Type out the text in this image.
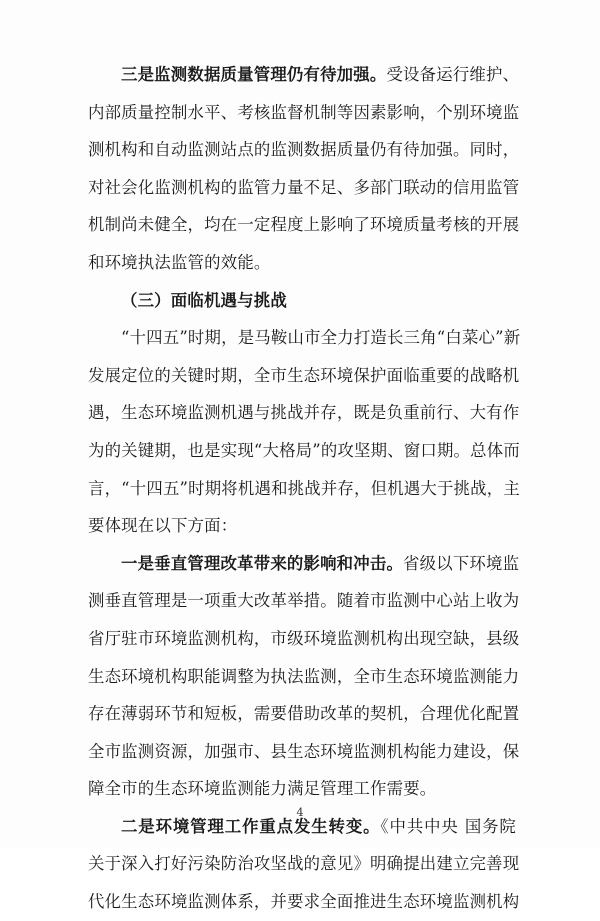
三是监测数据质量管理仍有待加强。受设备运行维护、
内部质量控制水平、考核监督机制等因素影响，个别环境监
测机构和自动监测站点的监测数据质量仍有待加强。同时，
对社会化监测机构的监管力量不足、多部门联动的信用监管
机制尚未健全，均在一定程度上影响了环境质量考核的开展
和环境执法监管的效能。
（三）面临机遇与挑战
“十四五”时期，是马鞍山市全力打造长三角“白菜心”新
发展定位的关键时期，全市生态环境保护面临重要的战略机
遇，生态环境监测机遇与挑战并存，既是负重前行、大有作
为的关键期，也是实现“大格局”的攻坚期、窗口期。总体而
言，“十四五”时期将机遇和挑战并存，但机遇大于挑战，主
要体现在以下方面：
一是垂直管理改革带来的影响和冲击。省级以下环境监
测垂直管理是一项重大改革举措。随着市监测中心站上收为
省厅驻市环境监测机构，市级环境监测机构出现空缺，县级
生态环境机构职能调整为执法监测，全市生态环境监测能力
存在薄弱环节和短板，需要借助改革的契机，合理优化配置
全市监测资源，加强市、县生态环境监测机构能力建设，保
障全市的生态环境监测能力满足管理工作需要。
二是环境管理工作重点发生转变。《中共中央 国务院
关于深入打好污染防治攻坚战的意见》明确提出建立完善现
代化生态环境监测体系，并要求全面推进生态环境监测机构
4
